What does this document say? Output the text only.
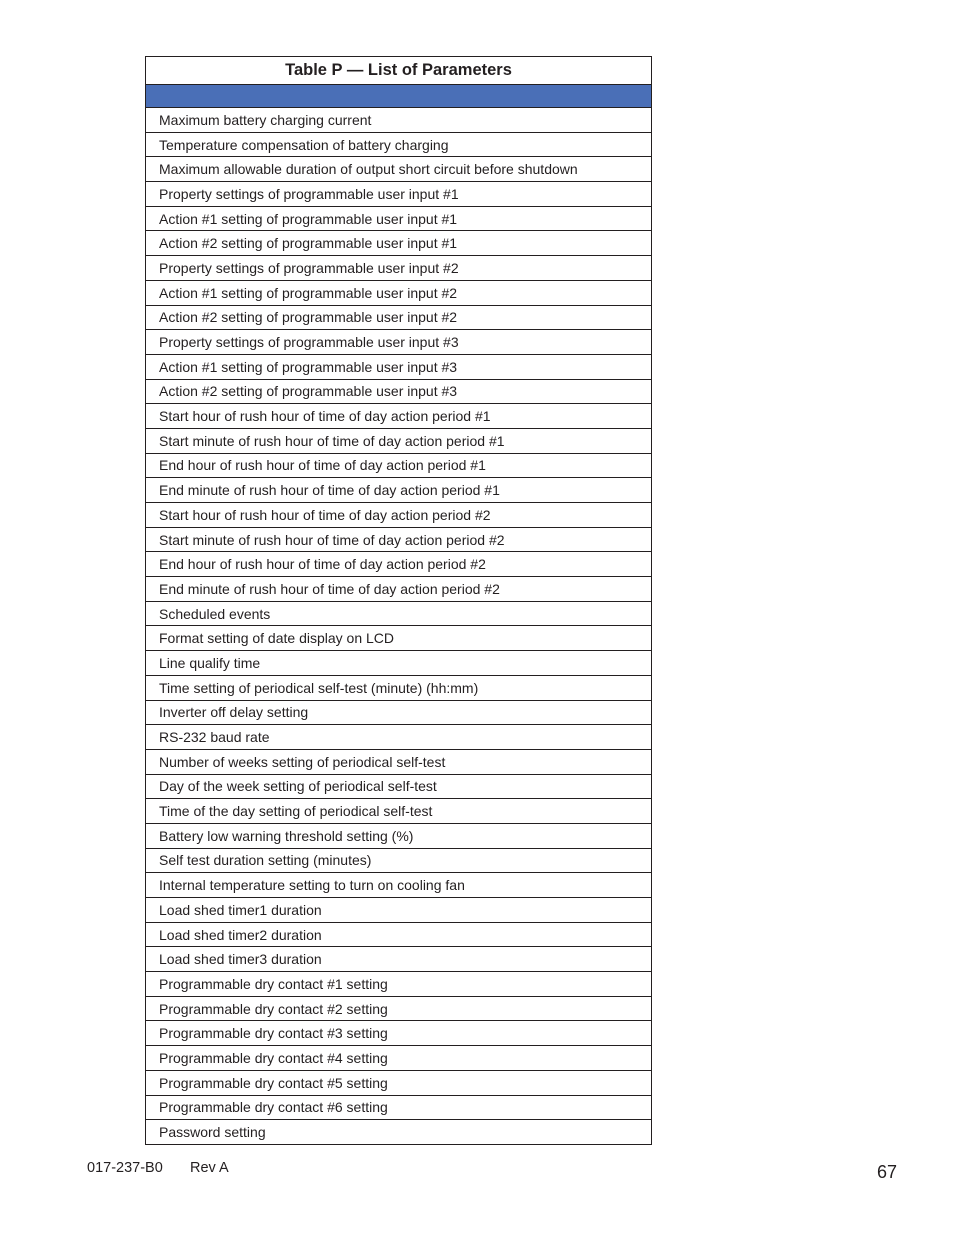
Table P — List of Parameters

Maximum battery charging current
Temperature compensation of battery charging
Maximum allowable duration of output short circuit before shutdown
Property settings of programmable user input #1
Action #1 setting of programmable user input #1
Action #2 setting of programmable user input #1
Property settings of programmable user input #2
Action #1 setting of programmable user input #2
Action #2 setting of programmable user input #2
Property settings of programmable user input #3
Action #1 setting of programmable user input #3
Action #2 setting of programmable user input #3
Start hour of rush hour of time of day action period #1
Start minute of rush hour of time of day action period #1
End hour of rush hour of time of day action period #1
End minute of rush hour of time of day action period #1
Start hour of rush hour of time of day action period #2
Start minute of rush hour of time of day action period #2
End hour of rush hour of time of day action period #2
End minute of rush hour of time of day action period #2
Scheduled events
Format setting of date display on LCD
Line qualify time
Time setting of periodical self-test (minute) (hh:mm)
Inverter off delay setting
RS-232 baud rate
Number of weeks setting of periodical self-test
Day of the week setting of periodical self-test
Time of the day setting of periodical self-test
Battery low warning threshold setting (%)
Self test duration setting (minutes)
Internal temperature setting to turn on cooling fan
Load shed timer1 duration
Load shed timer2 duration
Load shed timer3 duration
Programmable dry contact #1 setting
Programmable dry contact #2 setting
Programmable dry contact #3 setting
Programmable dry contact #4 setting
Programmable dry contact #5 setting
Programmable dry contact #6 setting
Password setting
017-237-B0 Rev A	67
